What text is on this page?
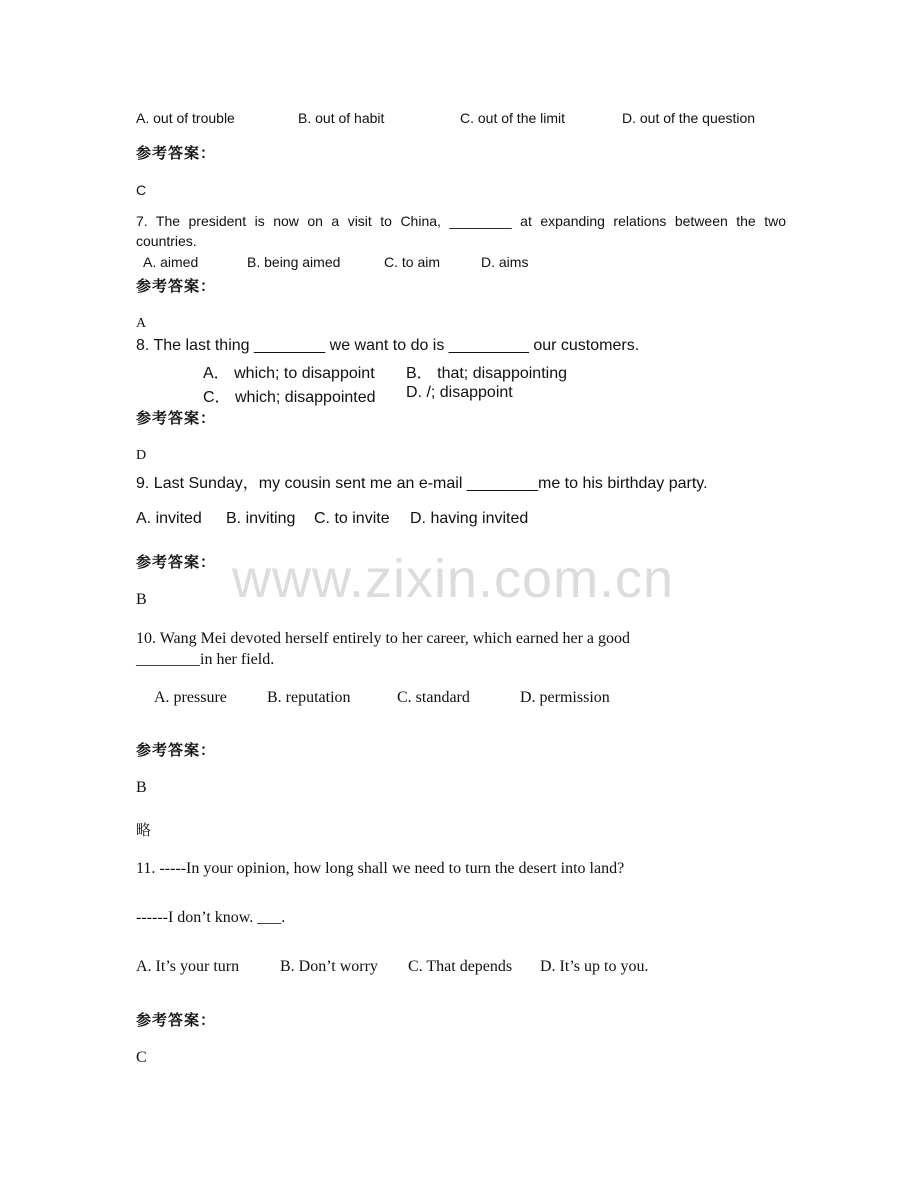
www.zixin.com.cn
A. out of trouble	B. out of habit	C. out of the limit	D. out of the question
参考答案：
C
7. The president is now on a visit to China, ________ at expanding relations between the two
countries.
A. aimed	B. being aimed	C. to aim	D. aims
参考答案：
A
8. The last thing ________ we want to do is _________ our customers.
A． which; to disappoint B． that; disappointing
C． which; disappointed D. /; disappoint
参考答案：
D
9. Last Sunday，my cousin sent me an e-mail ________me to his birthday party.
A. invited B. inviting C. to invite D. having invited
参考答案：
B
10. Wang Mei devoted herself entirely to her career, which earned her a good
________in her field.
A. pressure	B. reputation	C. standard	D. permission
参考答案：
B
略
11. -----In your opinion, how long shall we need to turn the desert into land?
------I don’t know. ___.
A. It’s your turn	B. Don’t worry C. That depends D. It’s up to you.
参考答案：
C
